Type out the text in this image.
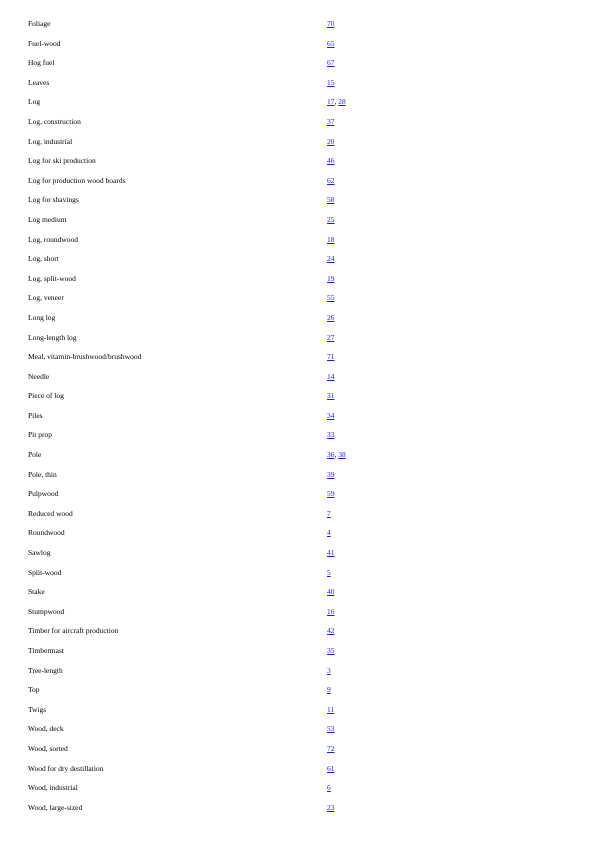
Foliage	70
Fuel-wood	65
Hog fuel	67
Leaves	15
Log	17, 28
Log, construction	37
Log, industrial	20
Log for ski production	46
Log for production wood boards	62
Log for shavings	58
Log medium	25
Log, roundwood	18
Log, short	24
Log, split-wood	19
Log, veneer	55
Long log	26
Long-length log	27
Meal, vitamin-brushwood/brushwood	71
Needle	14
Piece of log	31
Piles	34
Pit prop	33
Pole	36, 38
Pole, thin	39
Pulpwood	59
Reduced wood	7
Roundwood	4
Sawlog	41
Split-wood	5
Stake	40
Stumpwood	16
Timber for aircraft production	42
Timbermast	35
Tree-length	3
Top	9
Twigs	11
Wood, deck	53
Wood, sorted	72
Wood for dry destillation	61
Wood, industrial	6
Wood, large-sized	23
